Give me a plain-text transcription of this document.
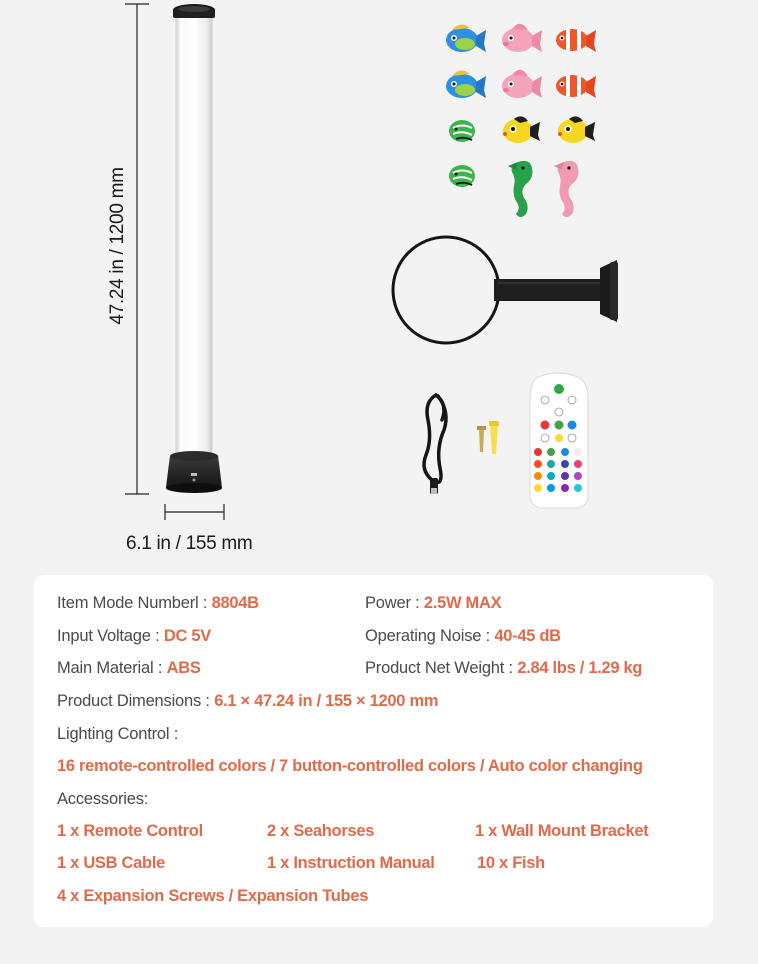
47.24 in / 1200 mm
6.1 in / 155 mm
Item Mode Numberl : 8804B	Power : 2.5W MAX
Input Voltage : DC 5V	Operating Noise : 40-45 dB
Main Material : ABS	Product Net Weight : 2.84 lbs / 1.29 kg
Product Dimensions : 6.1 × 47.24 in / 155 × 1200 mm
Lighting Control :
16 remote-controlled colors / 7 button-controlled colors / Auto color changing
Accessories:
1 x Remote Control	2 x Seahorses	1 x Wall Mount Bracket
1 x USB Cable	1 x Instruction Manual	10 x Fish
4 x Expansion Screws / Expansion Tubes
